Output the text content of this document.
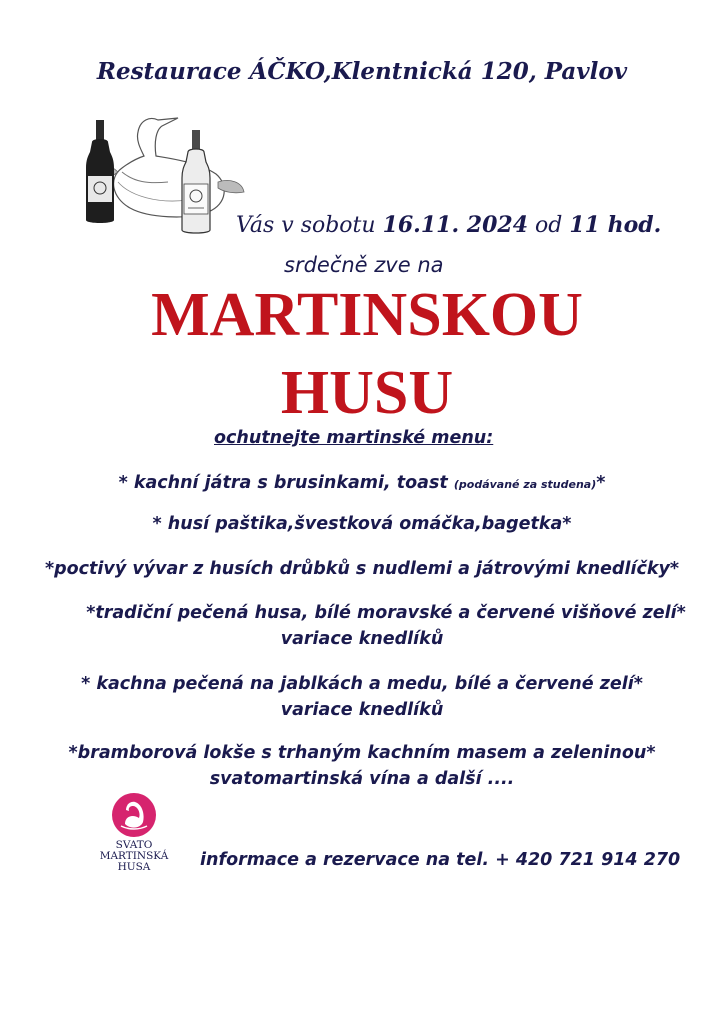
Restaurace ÁČKO,Klentnická 120, Pavlov
Vás v sobotu 16.11. 2024 od 11 hod.
srdečně zve na
MARTINSKOU
HUSU
ochutnejte martinské menu:
* kachní játra s brusinkami, toast (podávané za studena)*
* husí paštika,švestková omáčka,bagetka*
*poctivý vývar z husích drůbků s nudlemi a játrovými knedlíčky*
*tradiční pečená husa, bílé moravské a červené višňové zelí*
variace knedlíků
* kachna pečená na jablkách a medu, bílé a červené zelí*
variace knedlíků
*bramborová lokše s trhaným kachním masem a zeleninou*
svatomartinská vína a další ....
SVATO
MARTINSKÁ
HUSA	informace a rezervace na tel. + 420 721 914 270
